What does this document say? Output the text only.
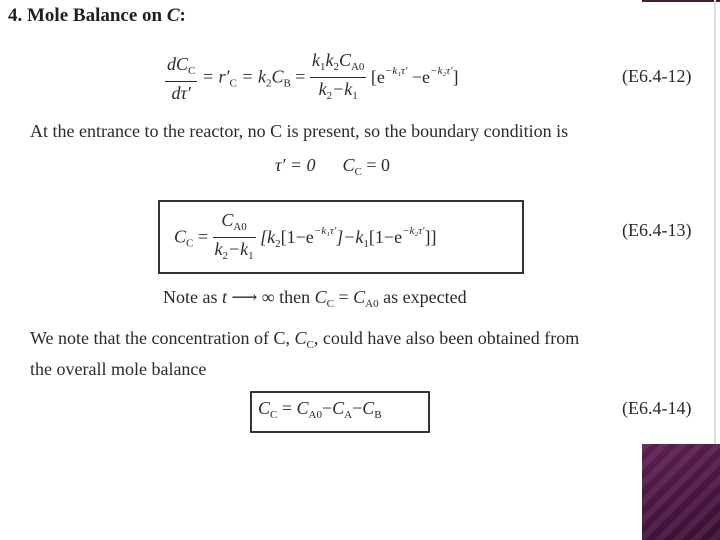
4. Mole Balance on C:
$\frac{dC_C}{d\tau'} = r'_C = k_2C_B = \frac{k_1k_2C_{A0}}{k_2-k_1} [e^{-k_1\tau'} -e^{-k_2\tau'}]$	(E6.4-12)
At the entrance to the reactor, no C is present, so the boundary condition is
τ′ = 0 $C_C = 0$
$C_C = \frac{C_{A0}}{k_2-k_1} [k_2[1-e^{-k_1\tau'}]-k_1[1-e^{-k_2\tau'}]]$	(E6.4-13)
Note as t ⟶ ∞ then $C_C = C_{A0}$ as expected
We note that the concentration of C, $C_C$, could have also been obtained from
the overall mole balance
$C_C = C_{A0}-C_A-C_B$	(E6.4-14)
